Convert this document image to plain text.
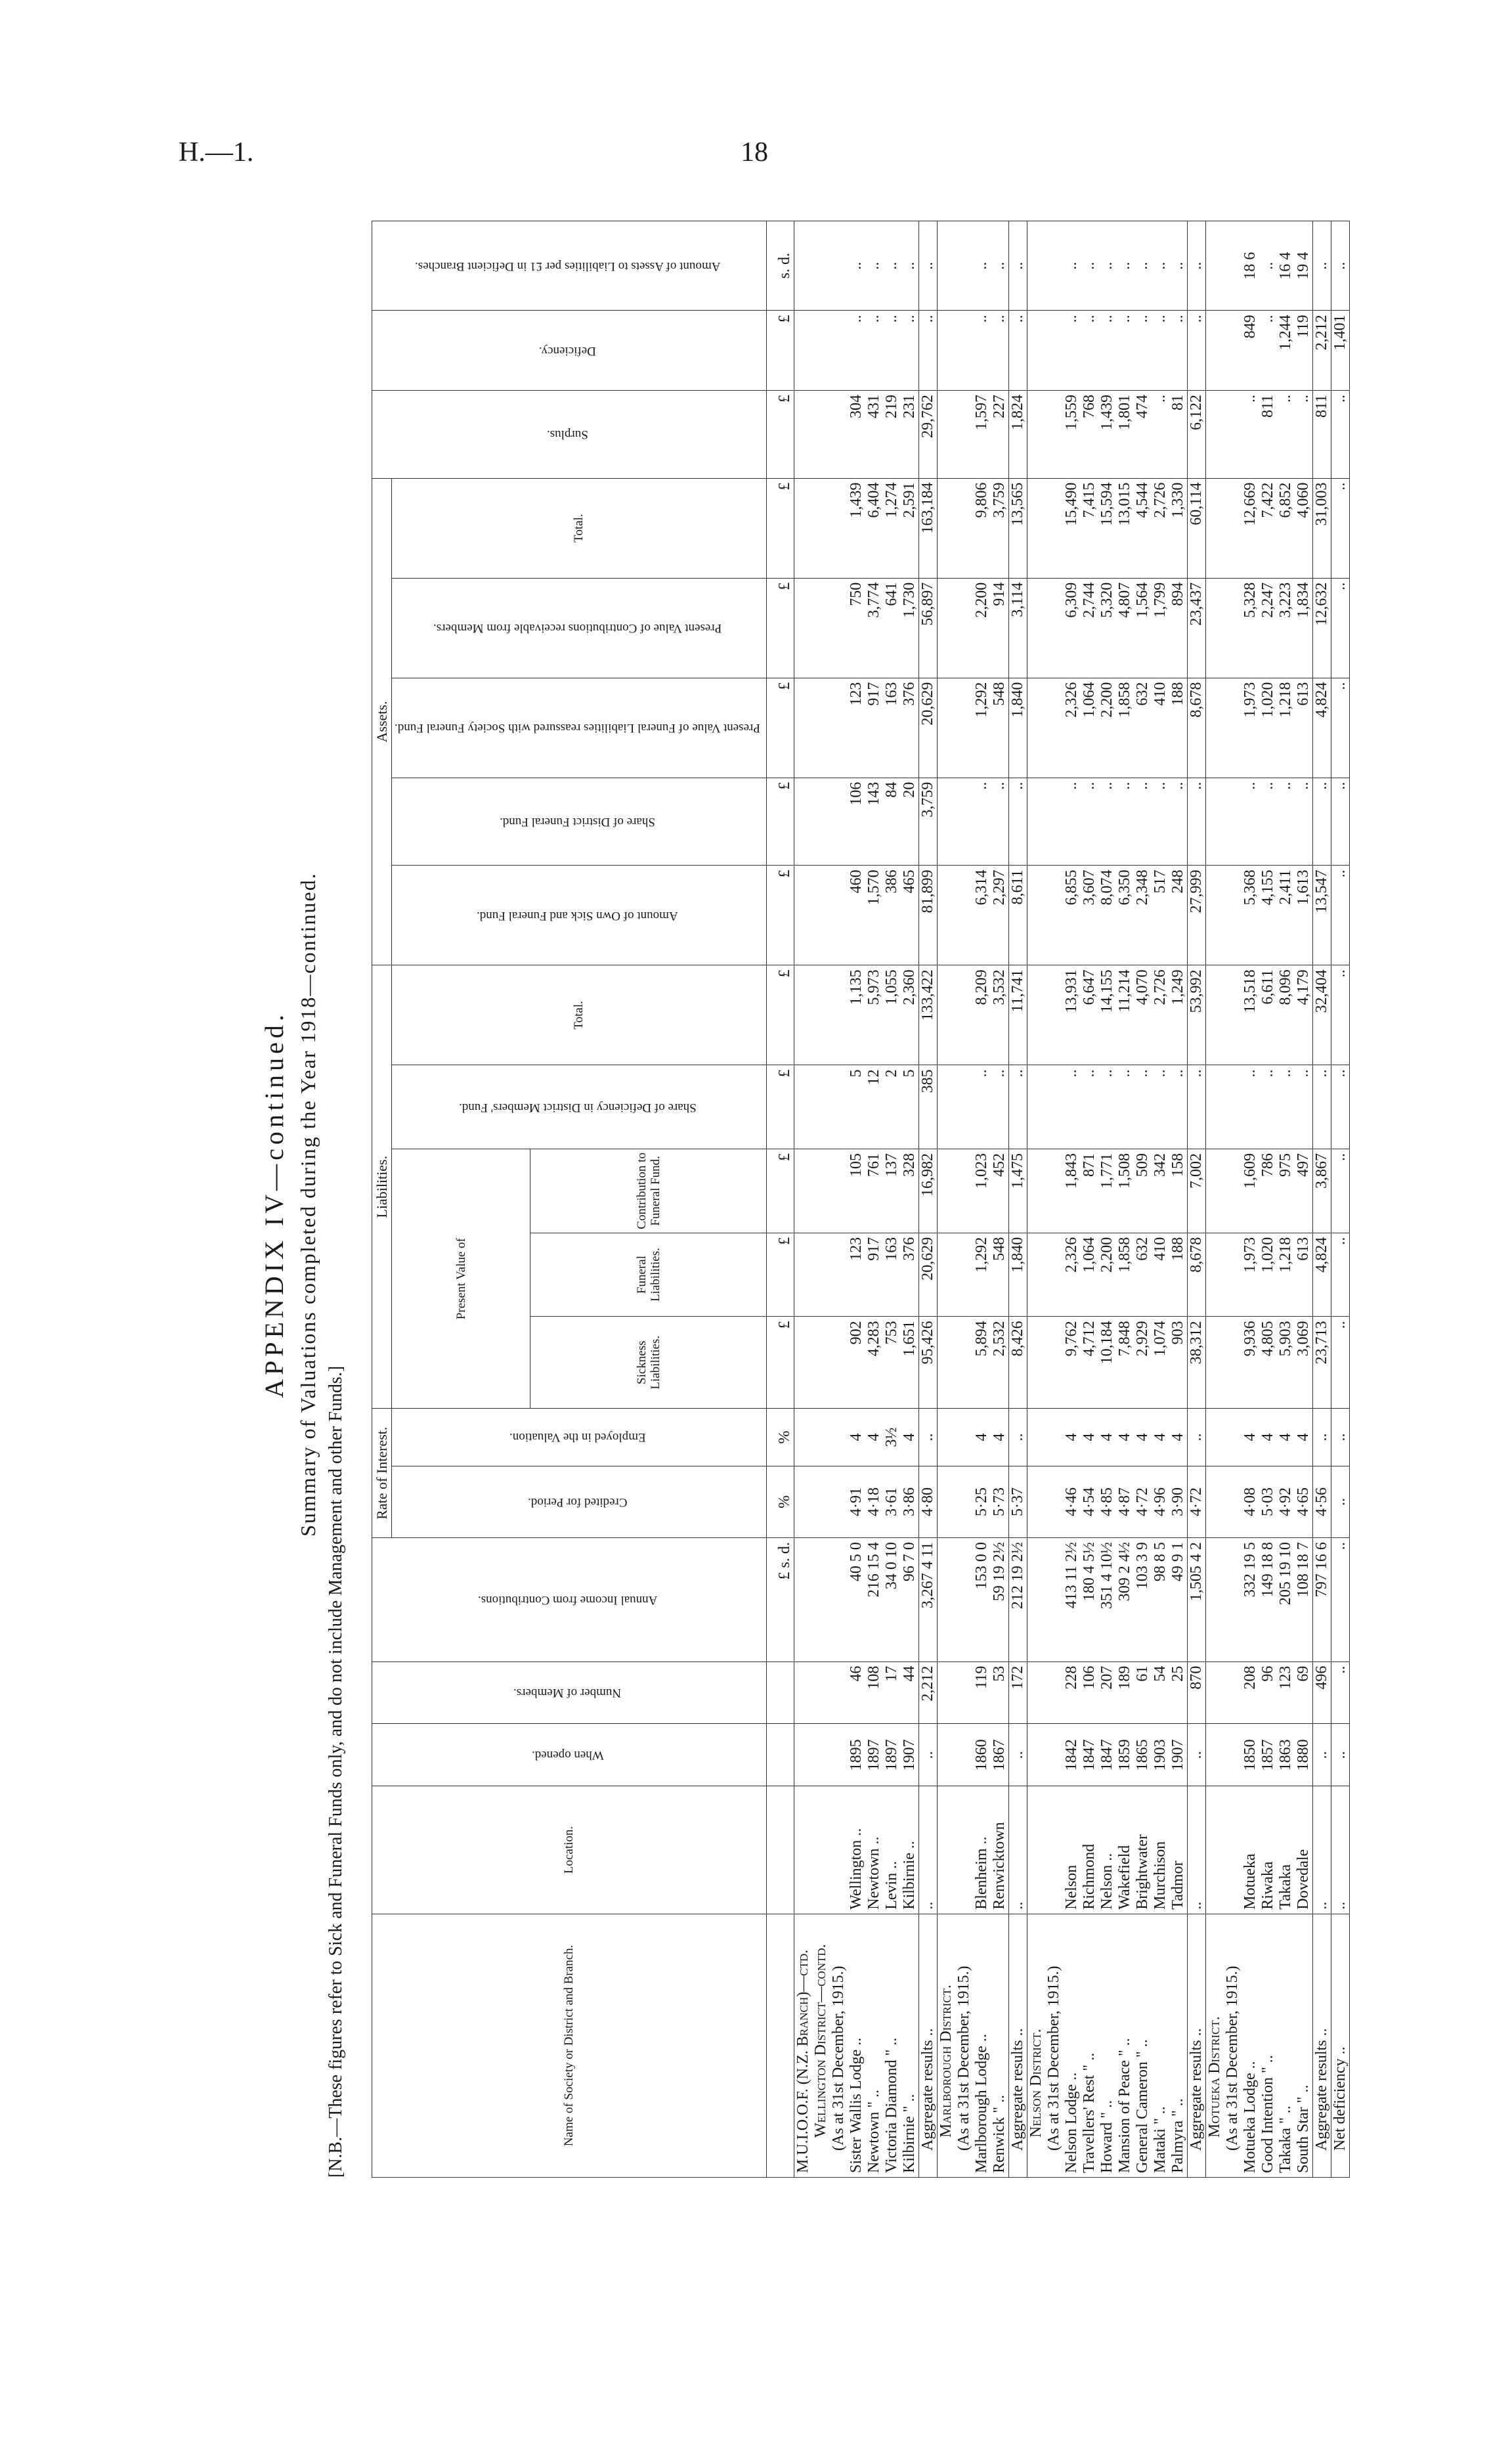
H.—1.	18
APPENDIX IV—continued. Summary of Valuations completed during the Year 1918—continued.
[N.B.—These figures refer to Sick and Funeral Funds only, and do not include Management and other Funds.]	Name of Society or District and Branch.	Location.	When opened.	Number of Members.	Annual Income from Contributions.	Rate of Interest.		Liabilities.					Assets.					Surplus.	Deficiency.	Amount of Assets to Liabilities per £1 in Deficient Branches.
					Credited for Period.	Employed in the Valuation.	Present Value of			Share of Deficiency in District Members' Fund.	Total.	Amount of Own Sick and Funeral Fund.	Share of District Funeral Fund.	Present Value of Funeral Liabilities reassured with Society Funeral Fund.	Present Value of Contributions receivable from Members.	Total.			
							Sickness Liabilities.	Funeral Liabilities.	Contribution to Funeral Fund.										
				£ s. d.	%	%	£	£	£	£	£	£	£	£	£	£	£	£	s. d.
M.U.I.O.O.F. (N.Z. Branch)—ctd.																			
Wellington District—contd.																			
(As at 31st December, 1915.)																			
Sister Wallis Lodge ..	Wellington ..	1895	46	40 5 0	4·91	4	902	123	105	5	1,135	460	106	123	750	1,439	304	..	..
Newtown " ..	Newtown ..	1897	108	216 15 4	4·18	4	4,283	917	761	12	5,973	1,570	143	917	3,774	6,404	431	..	..
Victoria Diamond " ..	Levin ..	1897	17	34 0 10	3·61	3½	753	163	137	2	1,055	386	84	163	641	1,274	219	..	..
Kilbirnie " ..	Kilbirnie ..	1907	44	96 7 0	3·86	4	1,651	376	328	5	2,360	465	20	376	1,730	2,591	231	..	..
Aggregate results ..	..	..	2,212	3,267 4 11	4·80	..	95,426	20,629	16,982	385	133,422	81,899	3,759	20,629	56,897	163,184	29,762	..	..
Marlborough District.																			
(As at 31st December, 1915.)																			
Marlborough Lodge ..	Blenheim ..	1860	119	153 0 0	5·25	4	5,894	1,292	1,023	..	8,209	6,314	..	1,292	2,200	9,806	1,597	..	..
Renwick " ..	Renwicktown	1867	53	59 19 2½	5·73	4	2,532	548	452	..	3,532	2,297	..	548	914	3,759	227	..	..
Aggregate results ..	..	..	172	212 19 2½	5·37	..	8,426	1,840	1,475	..	11,741	8,611	..	1,840	3,114	13,565	1,824	..	..
Nelson District.																			
(As at 31st December, 1915.)																			
Nelson Lodge ..	Nelson	1842	228	413 11 2½	4·46	4	9,762	2,326	1,843	..	13,931	6,855	..	2,326	6,309	15,490	1,559	..	..
Travellers' Rest " ..	Richmond	1847	106	180 4 5½	4·54	4	4,712	1,064	871	..	6,647	3,607	..	1,064	2,744	7,415	768	..	..
Howard " ..	Nelson ..	1847	207	351 4 10½	4·85	4	10,184	2,200	1,771	..	14,155	8,074	..	2,200	5,320	15,594	1,439	..	..
Mansion of Peace " ..	Wakefield	1859	189	309 2 4½	4·87	4	7,848	1,858	1,508	..	11,214	6,350	..	1,858	4,807	13,015	1,801	..	..
General Cameron " ..	Brightwater	1865	61	103 3 9	4·72	4	2,929	632	509	..	4,070	2,348	..	632	1,564	4,544	474	..	..
Mataki " ..	Murchison	1903	54	98 8 5	4·96	4	1,074	410	342	..	2,726	517	..	410	1,799	2,726	..	..	..
Palmyra " ..	Tadmor	1907	25	49 9 1	3·90	4	903	188	158	..	1,249	248	..	188	894	1,330	81	..	..
Aggregate results ..	..	..	870	1,505 4 2	4·72	..	38,312	8,678	7,002	..	53,992	27,999	..	8,678	23,437	60,114	6,122	..	..
Motueka District.																			
(As at 31st December, 1915.)																			
Motueka Lodge ..	Motueka	1850	208	332 19 5	4·08	4	9,936	1,973	1,609	..	13,518	5,368	..	1,973	5,328	12,669	..	849	18 6
Good Intention " ..	Riwaka	1857	96	149 18 8	5·03	4	4,805	1,020	786	..	6,611	4,155	..	1,020	2,247	7,422	811	..	..
Takaka " ..	Takaka	1863	123	205 19 10	4·92	4	5,903	1,218	975	..	8,096	2,411	..	1,218	3,223	6,852	..	1,244	16 4
South Star " ..	Dovedale	1880	69	108 18 7	4·65	4	3,069	613	497	..	4,179	1,613	..	613	1,834	4,060	..	119	19 4
Aggregate results ..	..	..	496	797 16 6	4·56	..	23,713	4,824	3,867	..	32,404	13,547	..	4,824	12,632	31,003	811	2,212	..
Net deficiency ..	..	..	..	..	..	..	..	..	..	..	..	..	..	..	..	..	..	1,401	..
